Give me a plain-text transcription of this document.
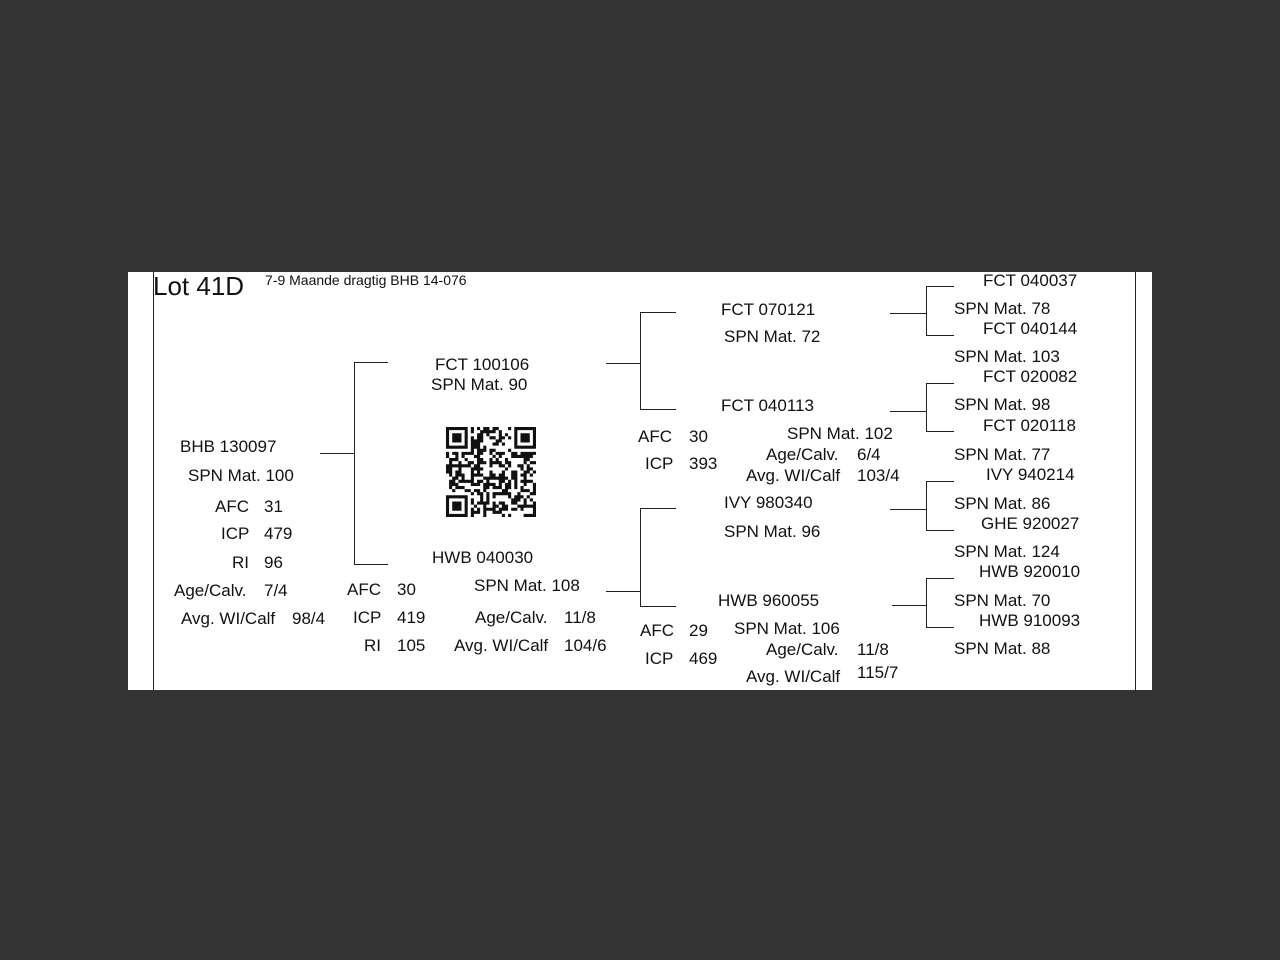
Lot 41D 7-9 Maande dragtig BHB 14-076
BHB 130097
SPN Mat. 100
AFC 31
ICP 479
RI 96
Age/Calv. 7/4
Avg. WI/Calf 98/4
FCT 100106
SPN Mat. 90
HWB 040030
SPN Mat. 108
AFC 30
ICP 419
RI 105
Age/Calv. 11/8
Avg. WI/Calf 104/6
FCT 070121
SPN Mat. 72
FCT 040113
SPN Mat. 102
AFC 30
ICP 393	Age/Calv. 6/4
Avg. WI/Calf 103/4
IVY 980340
SPN Mat. 96
HWB 960055
SPN Mat. 106
AFC 29
ICP 469	Age/Calv. 11/8
Avg. WI/Calf 115/7
FCT 040037
SPN Mat. 78
FCT 040144
SPN Mat. 103
FCT 020082
SPN Mat. 98
FCT 020118
SPN Mat. 77
IVY 940214
SPN Mat. 86
GHE 920027
SPN Mat. 124
HWB 920010
SPN Mat. 70
HWB 910093
SPN Mat. 88
